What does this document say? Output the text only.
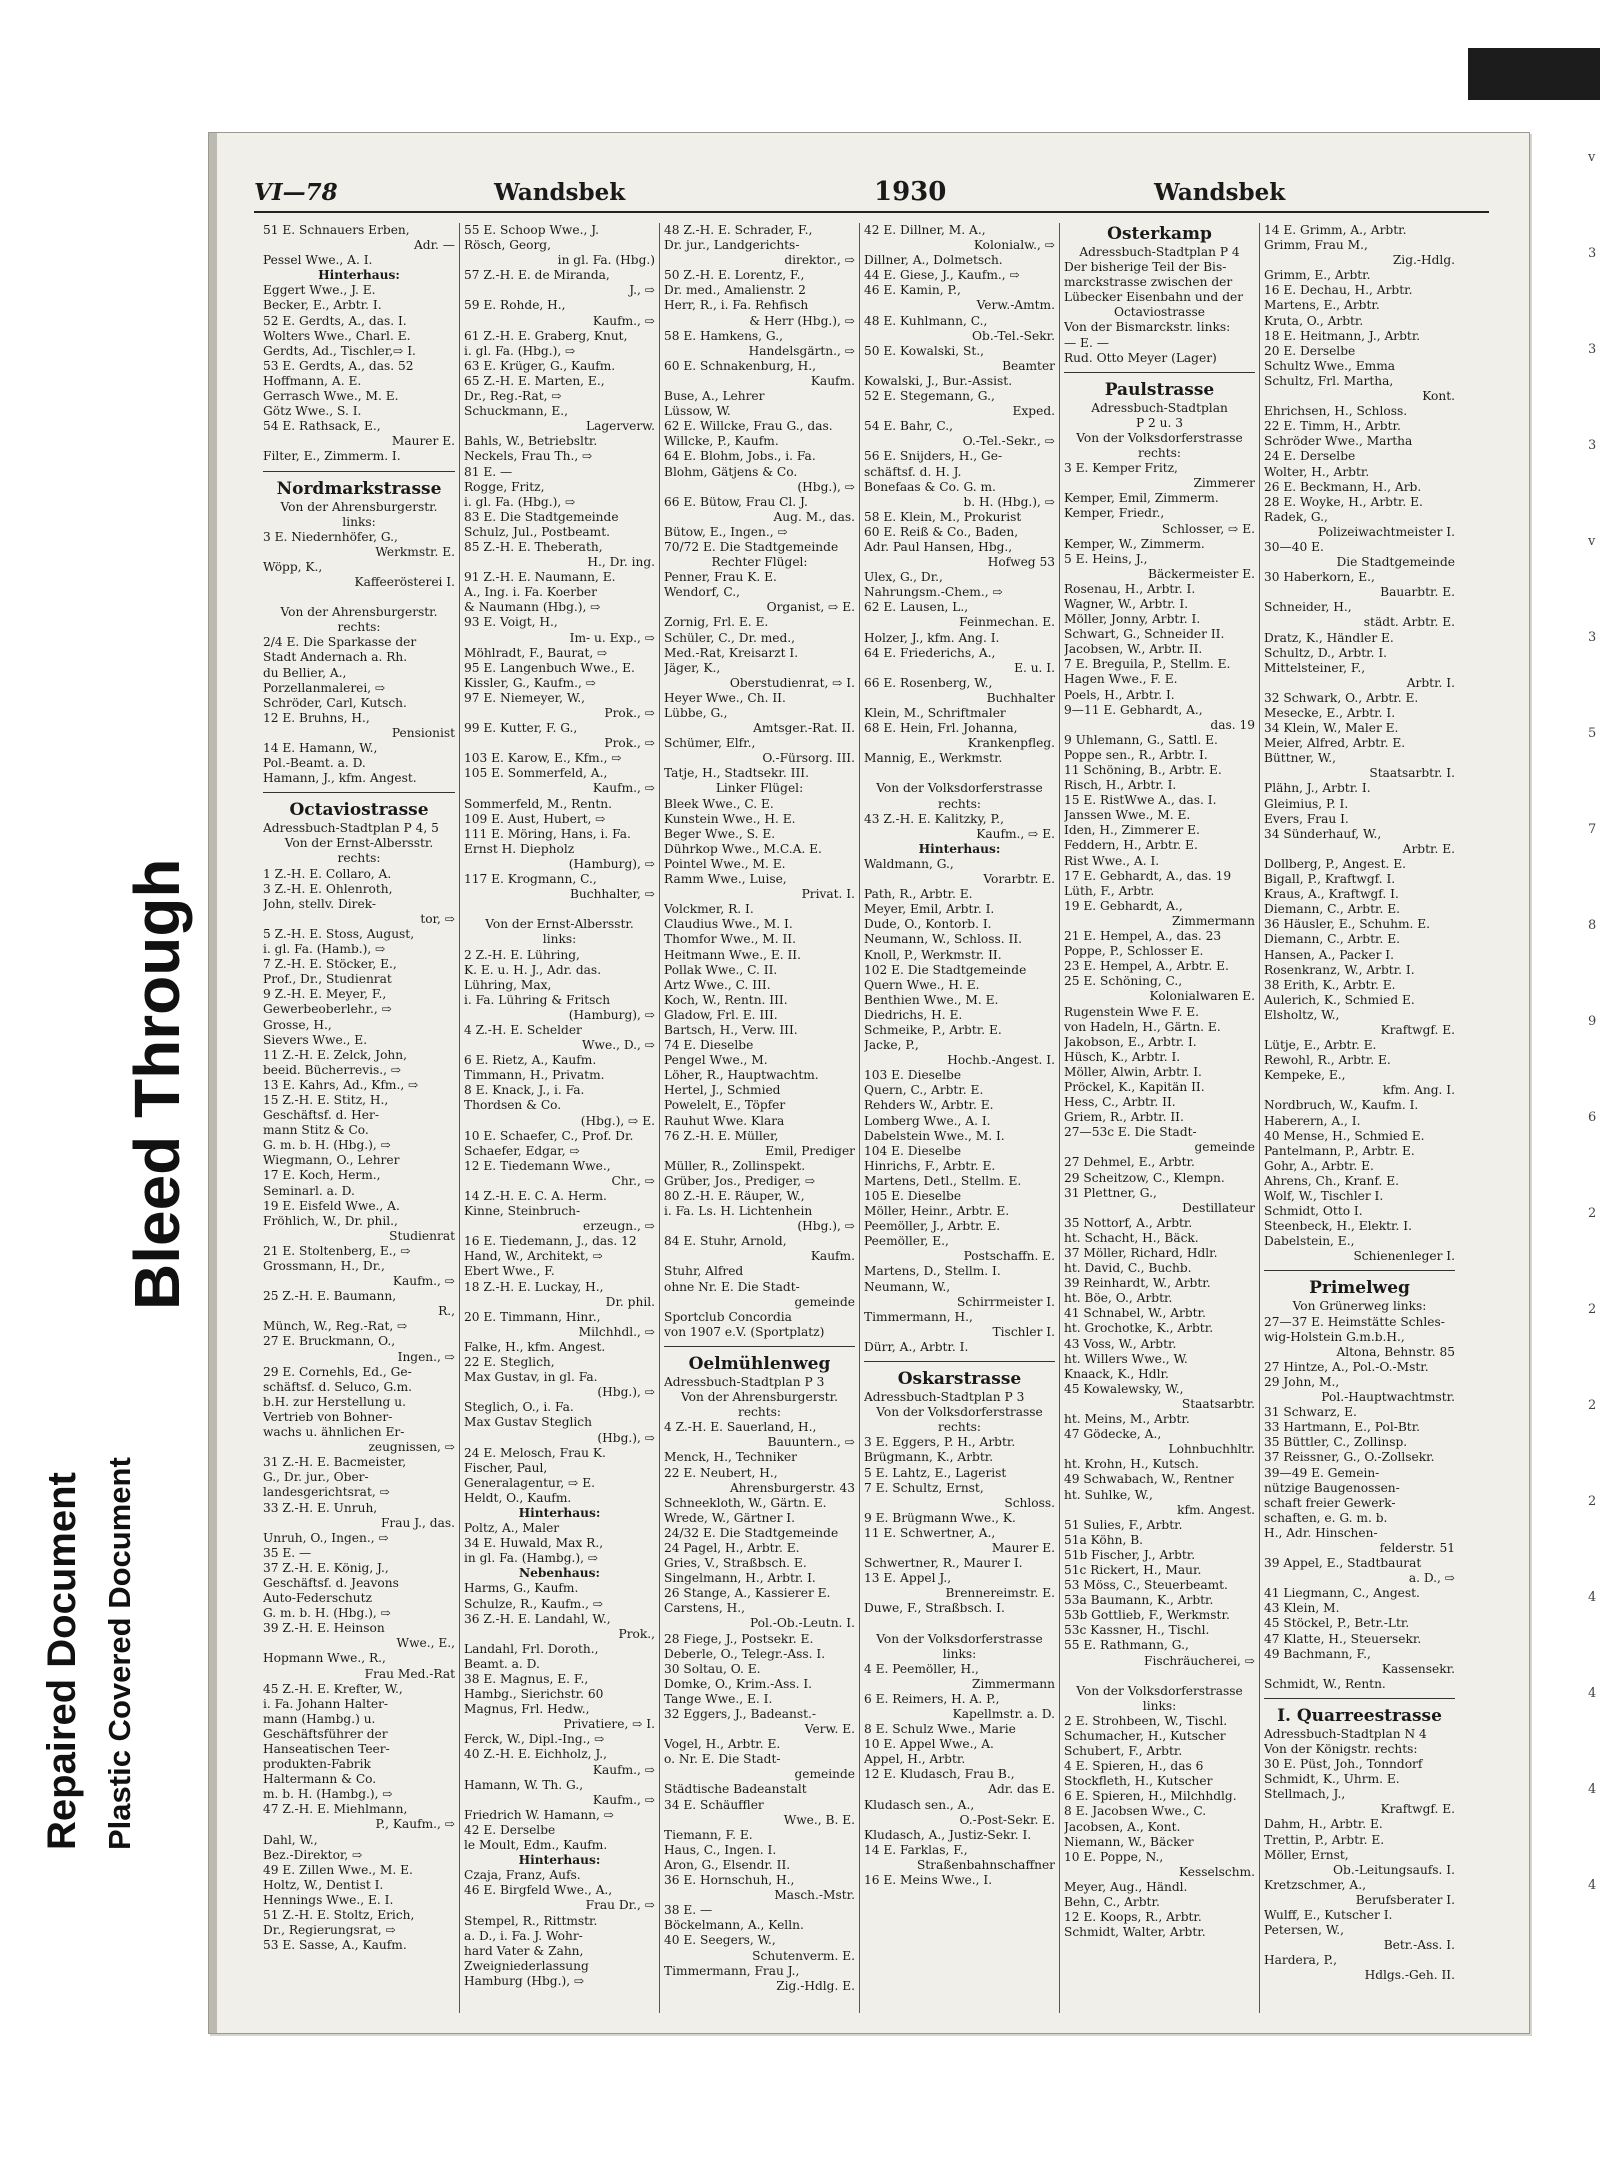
Repaired Document Plastic Covered Document
Bleed Through
v
3
3
3
v
3
5
7
8
9
6
2
2
2
2
4
4
4
4
VI—78	Wandsbek	1930	Wandsbek
51 E. Schnauers Erben,
Adr. —
Pessel Wwe., A. I.
Hinterhaus:
Eggert Wwe., J. E.
Becker, E., Arbtr. I.
52 E. Gerdts, A., das. I.
Wolters Wwe., Charl. E.
Gerdts, Ad., Tischler,⇨ I.
53 E. Gerdts, A., das. 52
Hoffmann, A. E.
Gerrasch Wwe., M. E.
Götz Wwe., S. I.
54 E. Rathsack, E.,
Maurer E.
Filter, E., Zimmerm. I.
Nordmarkstrasse
Von der Ahrensburgerstr.
links:
3 E. Niedernhöfer, G.,
Werkmstr. E.
Wöpp, K.,
Kaffeerösterei I.

Von der Ahrensburgerstr.
rechts:
2/4 E. Die Sparkasse der
Stadt Andernach a. Rh.
du Bellier, A.,
Porzellanmalerei, ⇨
Schröder, Carl, Kutsch.
12 E. Bruhns, H.,
Pensionist
14 E. Hamann, W.,
Pol.-Beamt. a. D.
Hamann, J., kfm. Angest.
Octaviostrasse
Adressbuch-Stadtplan P 4, 5
Von der Ernst-Albersstr.
rechts:
1 Z.-H. E. Collaro, A.
3 Z.-H. E. Ohlenroth,
John, stellv. Direk-
tor, ⇨
5 Z.-H. E. Stoss, August,
i. gl. Fa. (Hamb.), ⇨
7 Z.-H. E. Stöcker, E.,
Prof., Dr., Studienrat
9 Z.-H. E. Meyer, F.,
Gewerbeoberlehr., ⇨
Grosse, H.,
Sievers Wwe., E.
11 Z.-H. E. Zelck, John,
beeid. Bücherrevis., ⇨
13 E. Kahrs, Ad., Kfm., ⇨
15 Z.-H. E. Stitz, H.,
Geschäftsf. d. Her-
mann Stitz & Co.
G. m. b. H. (Hbg.), ⇨
Wiegmann, O., Lehrer
17 E. Koch, Herm.,
Seminarl. a. D.
19 E. Eisfeld Wwe., A.
Fröhlich, W., Dr. phil.,
Studienrat
21 E. Stoltenberg, E., ⇨
Grossmann, H., Dr.,
Kaufm., ⇨
25 Z.-H. E. Baumann,
R.,
Münch, W., Reg.-Rat, ⇨
27 E. Bruckmann, O.,
Ingen., ⇨
29 E. Cornehls, Ed., Ge-
schäftsf. d. Seluco, G.m.
b.H. zur Herstellung u.
Vertrieb von Bohner-
wachs u. ähnlichen Er-
zeugnissen, ⇨
31 Z.-H. E. Bacmeister,
G., Dr. jur., Ober-
landesgerichtsrat, ⇨
33 Z.-H. E. Unruh,
Frau J., das.
Unruh, O., Ingen., ⇨
35 E. —
37 Z.-H. E. König, J.,
Geschäftsf. d. Jeavons
Auto-Federschutz
G. m. b. H. (Hbg.), ⇨
39 Z.-H. E. Heinson
Wwe., E.,
Hopmann Wwe., R.,
Frau Med.-Rat
45 Z.-H. E. Krefter, W.,
i. Fa. Johann Halter-
mann (Hambg.) u.
Geschäftsführer der
Hanseatischen Teer-
produkten-Fabrik
Haltermann & Co.
m. b. H. (Hambg.), ⇨
47 Z.-H. E. Miehlmann,
P., Kaufm., ⇨
Dahl, W.,
Bez.-Direktor, ⇨
49 E. Zillen Wwe., M. E.
Holtz, W., Dentist I.
Hennings Wwe., E. I.
51 Z.-H. E. Stoltz, Erich,
Dr., Regierungsrat, ⇨
53 E. Sasse, A., Kaufm.
55 E. Schoop Wwe., J.
Rösch, Georg,
in gl. Fa. (Hbg.)
57 Z.-H. E. de Miranda,
J., ⇨
59 E. Rohde, H.,
Kaufm., ⇨
61 Z.-H. E. Graberg, Knut,
i. gl. Fa. (Hbg.), ⇨
63 E. Krüger, G., Kaufm.
65 Z.-H. E. Marten, E.,
Dr., Reg.-Rat, ⇨
Schuckmann, E.,
Lagerverw.
Bahls, W., Betriebsltr.
Neckels, Frau Th., ⇨
81 E. —
Rogge, Fritz,
i. gl. Fa. (Hbg.), ⇨
83 E. Die Stadtgemeinde
Schulz, Jul., Postbeamt.
85 Z.-H. E. Theberath,
H., Dr. ing.
91 Z.-H. E. Naumann, E.
A., Ing. i. Fa. Koerber
& Naumann (Hbg.), ⇨
93 E. Voigt, H.,
Im- u. Exp., ⇨
Möhlradt, F., Baurat, ⇨
95 E. Langenbuch Wwe., E.
Kissler, G., Kaufm., ⇨
97 E. Niemeyer, W.,
Prok., ⇨
99 E. Kutter, F. G.,
Prok., ⇨
103 E. Karow, E., Kfm., ⇨
105 E. Sommerfeld, A.,
Kaufm., ⇨
Sommerfeld, M., Rentn.
109 E. Aust, Hubert, ⇨
111 E. Möring, Hans, i. Fa.
Ernst H. Diepholz
(Hamburg), ⇨
117 E. Krogmann, C.,
Buchhalter, ⇨

Von der Ernst-Albersstr.
links:
2 Z.-H. E. Lühring,
K. E. u. H. J., Adr. das.
Lühring, Max,
i. Fa. Lühring & Fritsch
(Hamburg), ⇨
4 Z.-H. E. Schelder
Wwe., D., ⇨
6 E. Rietz, A., Kaufm.
Timmann, H., Privatm.
8 E. Knack, J., i. Fa.
Thordsen & Co.
(Hbg.), ⇨ E.
10 E. Schaefer, C., Prof. Dr.
Schaefer, Edgar, ⇨
12 E. Tiedemann Wwe.,
Chr., ⇨
14 Z.-H. E. C. A. Herm.
Kinne, Steinbruch-
erzeugn., ⇨
16 E. Tiedemann, J., das. 12
Hand, W., Architekt, ⇨
Ebert Wwe., F.
18 Z.-H. E. Luckay, H.,
Dr. phil.
20 E. Timmann, Hinr.,
Milchhdl., ⇨
Falke, H., kfm. Angest.
22 E. Steglich,
Max Gustav, in gl. Fa.
(Hbg.), ⇨
Steglich, O., i. Fa.
Max Gustav Steglich
(Hbg.), ⇨
24 E. Melosch, Frau K.
Fischer, Paul,
Generalagentur, ⇨ E.
Heldt, O., Kaufm.
Hinterhaus:
Poltz, A., Maler
34 E. Huwald, Max R.,
in gl. Fa. (Hambg.), ⇨
Nebenhaus:
Harms, G., Kaufm.
Schulze, R., Kaufm., ⇨
36 Z.-H. E. Landahl, W.,
Prok.,
Landahl, Frl. Doroth.,
Beamt. a. D.
38 E. Magnus, E. F.,
Hambg., Sierichstr. 60
Magnus, Frl. Hedw.,
Privatiere, ⇨ I.
Ferck, W., Dipl.-Ing., ⇨
40 Z.-H. E. Eichholz, J.,
Kaufm., ⇨
Hamann, W. Th. G.,
Kaufm., ⇨
Friedrich W. Hamann, ⇨
42 E. Derselbe
le Moult, Edm., Kaufm.
Hinterhaus:
Czaja, Franz, Aufs.
46 E. Birgfeld Wwe., A.,
Frau Dr., ⇨
Stempel, R., Rittmstr.
a. D., i. Fa. J. Wohr-
hard Vater & Zahn,
Zweigniederlassung
Hamburg (Hbg.), ⇨
48 Z.-H. E. Schrader, F.,
Dr. jur., Landgerichts-
direktor., ⇨
50 Z.-H. E. Lorentz, F.,
Dr. med., Amalienstr. 2
Herr, R., i. Fa. Rehfisch
& Herr (Hbg.), ⇨
58 E. Hamkens, G.,
Handelsgärtn., ⇨
60 E. Schnakenburg, H.,
Kaufm.
Buse, A., Lehrer
Lüssow, W.
62 E. Willcke, Frau G., das.
Willcke, P., Kaufm.
64 E. Blohm, Jobs., i. Fa.
Blohm, Gätjens & Co.
(Hbg.), ⇨
66 E. Bütow, Frau Cl. J.
Aug. M., das.
Bütow, E., Ingen., ⇨
70/72 E. Die Stadtgemeinde
Rechter Flügel:
Penner, Frau K. E.
Wendorf, C.,
Organist, ⇨ E.
Zornig, Frl. E. E.
Schüler, C., Dr. med.,
Med.-Rat, Kreisarzt I.
Jäger, K.,
Oberstudienrat, ⇨ I.
Heyer Wwe., Ch. II.
Lübbe, G.,
Amtsger.-Rat. II.
Schümer, Elfr.,
O.-Fürsorg. III.
Tatje, H., Stadtsekr. III.
Linker Flügel:
Bleek Wwe., C. E.
Kunstein Wwe., H. E.
Beger Wwe., S. E.
Dührkop Wwe., M.C.A. E.
Pointel Wwe., M. E.
Ramm Wwe., Luise,
Privat. I.
Volckmer, R. I.
Claudius Wwe., M. I.
Thomfor Wwe., M. II.
Heitmann Wwe., E. II.
Pollak Wwe., C. II.
Artz Wwe., C. III.
Koch, W., Rentn. III.
Gladow, Frl. E. III.
Bartsch, H., Verw. III.
74 E. Dieselbe
Pengel Wwe., M.
Löher, R., Hauptwachtm.
Hertel, J., Schmied
Powelelt, E., Töpfer
Rauhut Wwe. Klara
76 Z.-H. E. Müller,
Emil, Prediger
Müller, R., Zollinspekt.
Grüber, Jos., Prediger, ⇨
80 Z.-H. E. Räuper, W.,
i. Fa. Ls. H. Lichtenhein
(Hbg.), ⇨
84 E. Stuhr, Arnold,
Kaufm.
Stuhr, Alfred
ohne Nr. E. Die Stadt-
gemeinde
Sportclub Concordia
von 1907 e.V. (Sportplatz)
Oelmühlenweg
Adressbuch-Stadtplan P 3
Von der Ahrensburgerstr.
rechts:
4 Z.-H. E. Sauerland, H.,
Bauuntern., ⇨
Menck, H., Techniker
22 E. Neubert, H.,
Ahrensburgerstr. 43
Schneekloth, W., Gärtn. E.
Wrede, W., Gärtner I.
24/32 E. Die Stadtgemeinde
24 Pagel, H., Arbtr. E.
Gries, V., Straßbsch. E.
Singelmann, H., Arbtr. I.
26 Stange, A., Kassierer E.
Carstens, H.,
Pol.-Ob.-Leutn. I.
28 Fiege, J., Postsekr. E.
Deberle, O., Telegr.-Ass. I.
30 Soltau, O. E.
Domke, O., Krim.-Ass. I.
Tange Wwe., E. I.
32 Eggers, J., Badeanst.-
Verw. E.
Vogel, H., Arbtr. E.
o. Nr. E. Die Stadt-
gemeinde
Städtische Badeanstalt
34 E. Schäuffler
Wwe., B. E.
Tiemann, F. E.
Haus, C., Ingen. I.
Aron, G., Elsendr. II.
36 E. Hornschuh, H.,
Masch.-Mstr.
38 E. —
Böckelmann, A., Kelln.
40 E. Seegers, W.,
Schutenverm. E.
Timmermann, Frau J.,
Zig.-Hdlg. E.
42 E. Dillner, M. A.,
Kolonialw., ⇨
Dillner, A., Dolmetsch.
44 E. Giese, J., Kaufm., ⇨
46 E. Kamin, P.,
Verw.-Amtm.
48 E. Kuhlmann, C.,
Ob.-Tel.-Sekr.
50 E. Kowalski, St.,
Beamter
Kowalski, J., Bur.-Assist.
52 E. Stegemann, G.,
Exped.
54 E. Bahr, C.,
O.-Tel.-Sekr., ⇨
56 E. Snijders, H., Ge-
schäftsf. d. H. J.
Bonefaas & Co. G. m.
b. H. (Hbg.), ⇨
58 E. Klein, M., Prokurist
60 E. Reiß & Co., Baden,
Adr. Paul Hansen, Hbg.,
Hofweg 53
Ulex, G., Dr.,
Nahrungsm.-Chem., ⇨
62 E. Lausen, L.,
Feinmechan. E.
Holzer, J., kfm. Ang. I.
64 E. Friederichs, A.,
E. u. I.
66 E. Rosenberg, W.,
Buchhalter
Klein, M., Schriftmaler
68 E. Hein, Frl. Johanna,
Krankenpfleg.
Mannig, E., Werkmstr.

Von der Volksdorferstrasse
rechts:
43 Z.-H. E. Kalitzky, P.,
Kaufm., ⇨ E.
Hinterhaus:
Waldmann, G.,
Vorarbtr. E.
Path, R., Arbtr. E.
Meyer, Emil, Arbtr. I.
Dude, O., Kontorb. I.
Neumann, W., Schloss. II.
Knoll, P., Werkmstr. II.
102 E. Die Stadtgemeinde
Quern Wwe., H. E.
Benthien Wwe., M. E.
Diedrichs, H. E.
Schmeike, P., Arbtr. E.
Jacke, P.,
Hochb.-Angest. I.
103 E. Dieselbe
Quern, C., Arbtr. E.
Rehders W., Arbtr. E.
Lomberg Wwe., A. I.
Dabelstein Wwe., M. I.
104 E. Dieselbe
Hinrichs, F., Arbtr. E.
Martens, Detl., Stellm. E.
105 E. Dieselbe
Möller, Heinr., Arbtr. E.
Peemöller, J., Arbtr. E.
Peemöller, E.,
Postschaffn. E.
Martens, D., Stellm. I.
Neumann, W.,
Schirrmeister I.
Timmermann, H.,
Tischler I.
Dürr, A., Arbtr. I.
Oskarstrasse
Adressbuch-Stadtplan P 3
Von der Volksdorferstrasse
rechts:
3 E. Eggers, P. H., Arbtr.
Brügmann, K., Arbtr.
5 E. Lahtz, E., Lagerist
7 E. Schultz, Ernst,
Schloss.
9 E. Brügmann Wwe., K.
11 E. Schwertner, A.,
Maurer E.
Schwertner, R., Maurer I.
13 E. Appel J.,
Brennereimstr. E.
Duwe, F., Straßbsch. I.

Von der Volksdorferstrasse
links:
4 E. Peemöller, H.,
Zimmermann
6 E. Reimers, H. A. P.,
Kapellmstr. a. D.
8 E. Schulz Wwe., Marie
10 E. Appel Wwe., A.
Appel, H., Arbtr.
12 E. Kludasch, Frau B.,
Adr. das E.
Kludasch sen., A.,
O.-Post-Sekr. E.
Kludasch, A., Justiz-Sekr. I.
14 E. Farklas, F.,
Straßenbahnschaffner
16 E. Meins Wwe., I.
Osterkamp
Adressbuch-Stadtplan P 4
Der bisherige Teil der Bis-
marckstrasse zwischen der
Lübecker Eisenbahn und der
Octaviostrasse
Von der Bismarckstr. links:
— E. —
Rud. Otto Meyer (Lager)
Paulstrasse
Adressbuch-Stadtplan
P 2 u. 3
Von der Volksdorferstrasse
rechts:
3 E. Kemper Fritz,
Zimmerer
Kemper, Emil, Zimmerm.
Kemper, Friedr.,
Schlosser, ⇨ E.
Kemper, W., Zimmerm.
5 E. Heins, J.,
Bäckermeister E.
Rosenau, H., Arbtr. I.
Wagner, W., Arbtr. I.
Möller, Jonny, Arbtr. I.
Schwart, G., Schneider II.
Jacobsen, W., Arbtr. II.
7 E. Breguila, P., Stellm. E.
Hagen Wwe., F. E.
Poels, H., Arbtr. I.
9—11 E. Gebhardt, A.,
das. 19
9 Uhlemann, G., Sattl. E.
Poppe sen., R., Arbtr. I.
11 Schöning, B., Arbtr. E.
Risch, H., Arbtr. I.
15 E. RistWwe A., das. I.
Janssen Wwe., M. E.
Iden, H., Zimmerer E.
Feddern, H., Arbtr. E.
Rist Wwe., A. I.
17 E. Gebhardt, A., das. 19
Lüth, F., Arbtr.
19 E. Gebhardt, A.,
Zimmermann
21 E. Hempel, A., das. 23
Poppe, P., Schlosser E.
23 E. Hempel, A., Arbtr. E.
25 E. Schöning, C.,
Kolonialwaren E.
Rugenstein Wwe F. E.
von Hadeln, H., Gärtn. E.
Jakobson, E., Arbtr. I.
Hüsch, K., Arbtr. I.
Möller, Alwin, Arbtr. I.
Pröckel, K., Kapitän II.
Hess, C., Arbtr. II.
Griem, R., Arbtr. II.
27—53c E. Die Stadt-
gemeinde
27 Dehmel, E., Arbtr.
29 Scheitzow, C., Klempn.
31 Plettner, G.,
Destillateur
35 Nottorf, A., Arbtr.
ht. Schacht, H., Bäck.
37 Möller, Richard, Hdlr.
ht. David, C., Buchb.
39 Reinhardt, W., Arbtr.
ht. Böe, O., Arbtr.
41 Schnabel, W., Arbtr.
ht. Grochotke, K., Arbtr.
43 Voss, W., Arbtr.
ht. Willers Wwe., W.
Knaack, K., Hdlr.
45 Kowalewsky, W.,
Staatsarbtr.
ht. Meins, M., Arbtr.
47 Gödecke, A.,
Lohnbuchhltr.
ht. Krohn, H., Kutsch.
49 Schwabach, W., Rentner
ht. Suhlke, W.,
kfm. Angest.
51 Sulies, F., Arbtr.
51a Köhn, B.
51b Fischer, J., Arbtr.
51c Rickert, H., Maur.
53 Möss, C., Steuerbeamt.
53a Baumann, K., Arbtr.
53b Gottlieb, F., Werkmstr.
53c Kassner, H., Tischl.
55 E. Rathmann, G.,
Fischräucherei, ⇨

Von der Volksdorferstrasse
links:
2 E. Strohbeen, W., Tischl.
Schumacher, H., Kutscher
Schubert, F., Arbtr.
4 E. Spieren, H., das 6
Stockfleth, H., Kutscher
6 E. Spieren, H., Milchhdlg.
8 E. Jacobsen Wwe., C.
Jacobsen, A., Kont.
Niemann, W., Bäcker
10 E. Poppe, N.,
Kesselschm.
Meyer, Aug., Händl.
Behn, C., Arbtr.
12 E. Koops, R., Arbtr.
Schmidt, Walter, Arbtr.
14 E. Grimm, A., Arbtr.
Grimm, Frau M.,
Zig.-Hdlg.
Grimm, E., Arbtr.
16 E. Dechau, H., Arbtr.
Martens, E., Arbtr.
Kruta, O., Arbtr.
18 E. Heitmann, J., Arbtr.
20 E. Derselbe
Schultz Wwe., Emma
Schultz, Frl. Martha,
Kont.
Ehrichsen, H., Schloss.
22 E. Timm, H., Arbtr.
Schröder Wwe., Martha
24 E. Derselbe
Wolter, H., Arbtr.
26 E. Beckmann, H., Arb.
28 E. Woyke, H., Arbtr. E.
Radek, G.,
Polizeiwachtmeister I.
30—40 E.
Die Stadtgemeinde
30 Haberkorn, E.,
Bauarbtr. E.
Schneider, H.,
städt. Arbtr. E.
Dratz, K., Händler E.
Schultz, D., Arbtr. I.
Mittelsteiner, F.,
Arbtr. I.
32 Schwark, O., Arbtr. E.
Mesecke, E., Arbtr. I.
34 Klein, W., Maler E.
Meier, Alfred, Arbtr. E.
Büttner, W.,
Staatsarbtr. I.
Plähn, J., Arbtr. I.
Gleimius, P. I.
Evers, Frau I.
34 Sünderhauf, W.,
Arbtr. E.
Dollberg, P., Angest. E.
Bigall, P., Kraftwgf. I.
Kraus, A., Kraftwgf. I.
Diemann, C., Arbtr. E.
36 Häusler, E., Schuhm. E.
Diemann, C., Arbtr. E.
Hansen, A., Packer I.
Rosenkranz, W., Arbtr. I.
38 Erith, K., Arbtr. E.
Aulerich, K., Schmied E.
Elsholtz, W.,
Kraftwgf. E.
Lütje, E., Arbtr. E.
Rewohl, R., Arbtr. E.
Kempeke, E.,
kfm. Ang. I.
Nordbruch, W., Kaufm. I.
Haberern, A., I.
40 Mense, H., Schmied E.
Pantelmann, P., Arbtr. E.
Gohr, A., Arbtr. E.
Ahrens, Ch., Kranf. E.
Wolf, W., Tischler I.
Schmidt, Otto I.
Steenbeck, H., Elektr. I.
Dabelstein, E.,
Schienenleger I.
Primelweg
Von Grünerweg links:
27—37 E. Heimstätte Schles-
wig-Holstein G.m.b.H.,
Altona, Behnstr. 85
27 Hintze, A., Pol.-O.-Mstr.
29 John, M.,
Pol.-Hauptwachtmstr.
31 Schwarz, E.
33 Hartmann, E., Pol-Btr.
35 Büttler, C., Zollinsp.
37 Reissner, G., O.-Zollsekr.
39—49 E. Gemein-
nützige Baugenossen-
schaft freier Gewerk-
schaften, e. G. m. b.
H., Adr. Hinschen-
felderstr. 51
39 Appel, E., Stadtbaurat
a. D., ⇨
41 Liegmann, C., Angest.
43 Klein, M.
45 Stöckel, P., Betr.-Ltr.
47 Klatte, H., Steuersekr.
49 Bachmann, F.,
Kassensekr.
Schmidt, W., Rentn.
I. Quarreestrasse
Adressbuch-Stadtplan N 4
Von der Königstr. rechts:
30 E. Püst, Joh., Tonndorf
Schmidt, K., Uhrm. E.
Stellmach, J.,
Kraftwgf. E.
Dahm, H., Arbtr. E.
Trettin, P., Arbtr. E.
Möller, Ernst,
Ob.-Leitungsaufs. I.
Kretzschmer, A.,
Berufsberater I.
Wulff, E., Kutscher I.
Petersen, W.,
Betr.-Ass. I.
Hardera, P.,
Hdlgs.-Geh. II.
